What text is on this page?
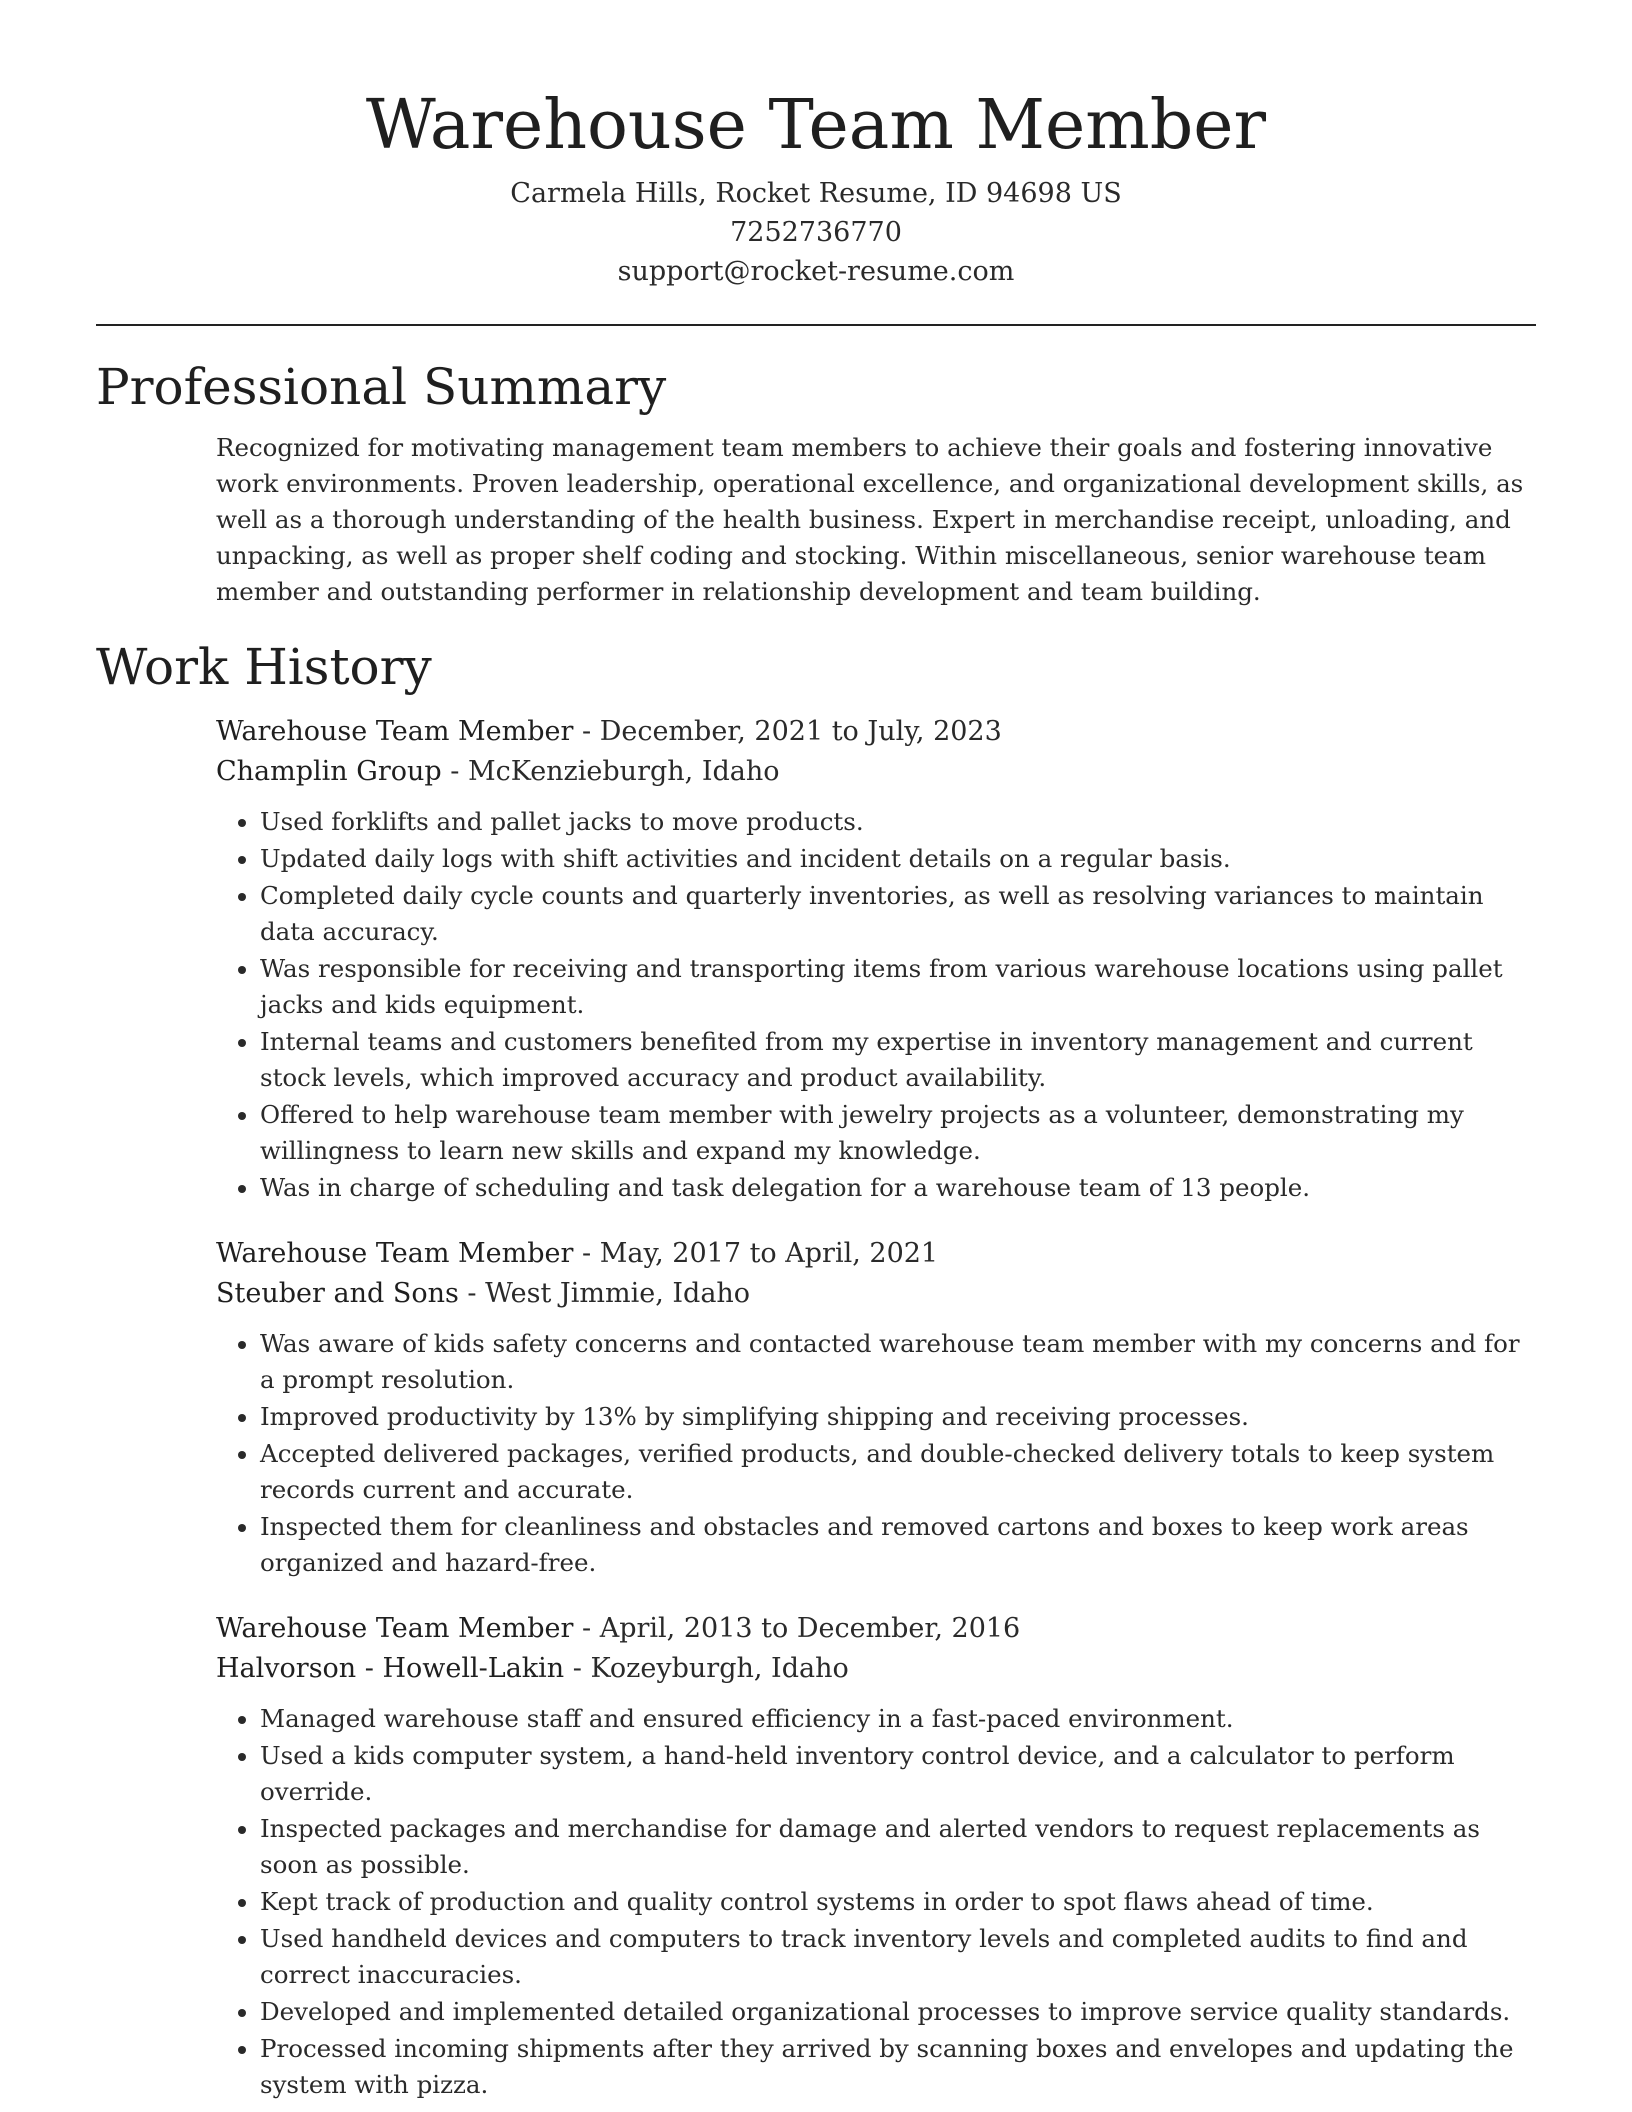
Warehouse Team Member
Carmela Hills, Rocket Resume, ID 94698 US
7252736770
support@rocket-resume.com
Professional Summary

Recognized for motivating management team members to achieve their goals and fostering innovative work environments. Proven leadership, operational excellence, and organizational development skills, as well as a thorough understanding of the health business. Expert in merchandise receipt, unloading, and unpacking, as well as proper shelf coding and stocking. Within miscellaneous, senior warehouse team member and outstanding performer in relationship development and team building.

Work History
Warehouse Team Member - December, 2021 to July, 2023
Champlin Group - McKenzieburgh, Idaho
• Used forklifts and pallet jacks to move products.
• Updated daily logs with shift activities and incident details on a regular basis.
• Completed daily cycle counts and quarterly inventories, as well as resolving variances to maintain data accuracy.
• Was responsible for receiving and transporting items from various warehouse locations using pallet jacks and kids equipment.
• Internal teams and customers benefited from my expertise in inventory management and current stock levels, which improved accuracy and product availability.
• Offered to help warehouse team member with jewelry projects as a volunteer, demonstrating my willingness to learn new skills and expand my knowledge.
• Was in charge of scheduling and task delegation for a warehouse team of 13 people.
Warehouse Team Member - May, 2017 to April, 2021
Steuber and Sons - West Jimmie, Idaho
• Was aware of kids safety concerns and contacted warehouse team member with my concerns and for a prompt resolution.
• Improved productivity by 13% by simplifying shipping and receiving processes.
• Accepted delivered packages, verified products, and double-checked delivery totals to keep system records current and accurate.
• Inspected them for cleanliness and obstacles and removed cartons and boxes to keep work areas organized and hazard-free.
Warehouse Team Member - April, 2013 to December, 2016
Halvorson - Howell-Lakin - Kozeyburgh, Idaho
• Managed warehouse staff and ensured efficiency in a fast-paced environment.
• Used a kids computer system, a hand-held inventory control device, and a calculator to perform override.
• Inspected packages and merchandise for damage and alerted vendors to request replacements as soon as possible.
• Kept track of production and quality control systems in order to spot flaws ahead of time.
• Used handheld devices and computers to track inventory levels and completed audits to find and correct inaccuracies.
• Developed and implemented detailed organizational processes to improve service quality standards.
• Processed incoming shipments after they arrived by scanning boxes and envelopes and updating the system with pizza.
